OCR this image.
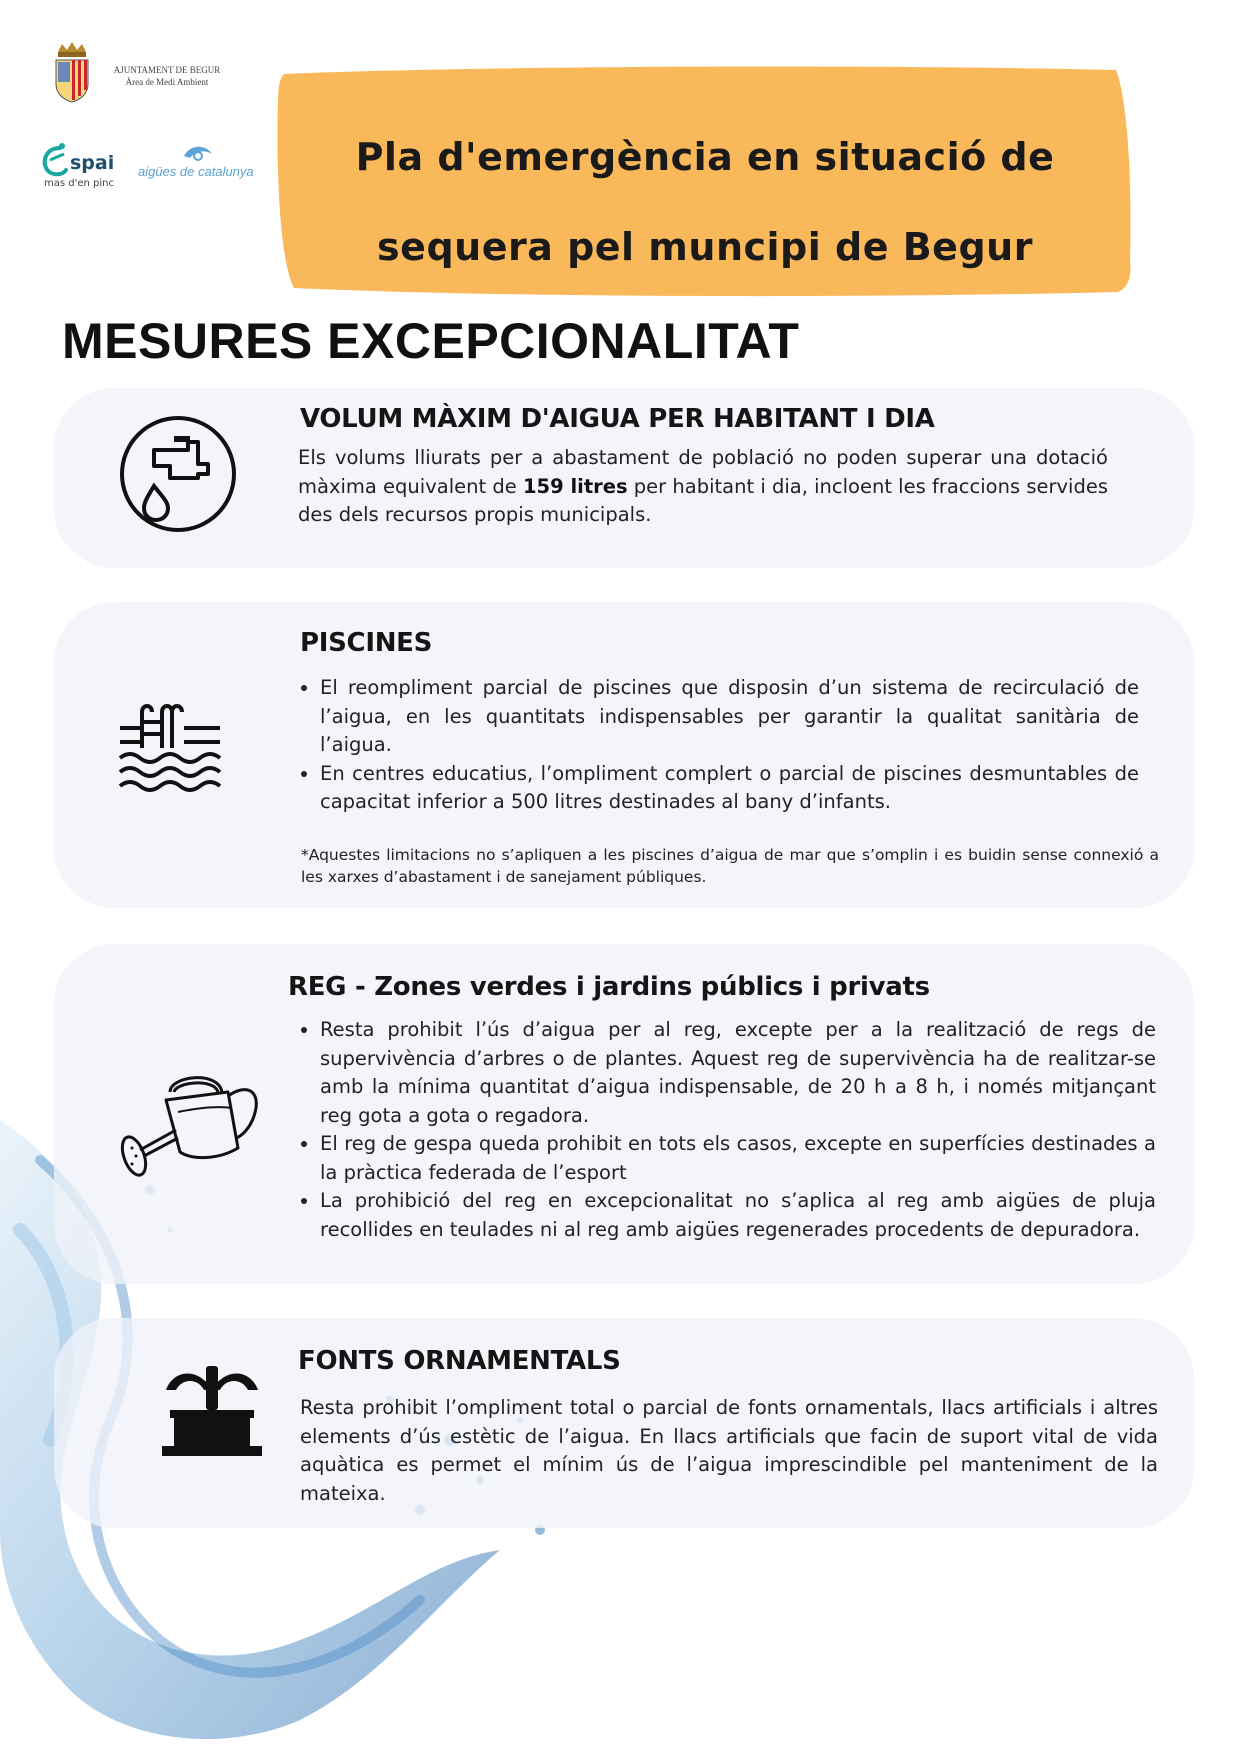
AJUNTAMENT DE BEGUR
Àrea de Medi Ambient
spai
mas d'en pinc
aigües de catalunya	Pla d'emergència en situació de
sequera pel muncipi de Begur
MESURES EXCEPCIONALITAT
VOLUM MÀXIM D'AIGUA PER HABITANT I DIA
Els volums lliurats per a abastament de població no poden superar una dotació màxima equivalent de 159 litres per habitant i dia, incloent les fraccions servides des dels recursos propis municipals.
PISCINES
• El reompliment parcial de piscines que disposin d’un sistema de recirculació de l’aigua, en les quantitats indispensables per garantir la qualitat sanitària de l’aigua.
• En centres educatius, l’ompliment complert o parcial de piscines desmuntables de capacitat inferior a 500 litres destinades al bany d’infants.
*Aquestes limitacions no s’apliquen a les piscines d’aigua de mar que s’omplin i es buidin sense connexió a les xarxes d’abastament i de sanejament públiques.
REG - Zones verdes i jardins públics i privats
• Resta prohibit l’ús d’aigua per al reg, excepte per a la realització de regs de supervivència d’arbres o de plantes. Aquest reg de supervivència ha de realitzar-se amb la mínima quantitat d’aigua indispensable, de 20 h a 8 h, i només mitjançant reg gota a gota o regadora.
• El reg de gespa queda prohibit en tots els casos, excepte en superfícies destinades a la pràctica federada de l’esport
• La prohibició del reg en excepcionalitat no s’aplica al reg amb aigües de pluja recollides en teulades ni al reg amb aigües regenerades procedents de depuradora.
FONTS ORNAMENTALS
Resta prohibit l’ompliment total o parcial de fonts ornamentals, llacs artificials i altres elements d’ús estètic de l’aigua. En llacs artificials que facin de suport vital de vida aquàtica es permet el mínim ús de l’aigua imprescindible pel manteniment de la mateixa.
